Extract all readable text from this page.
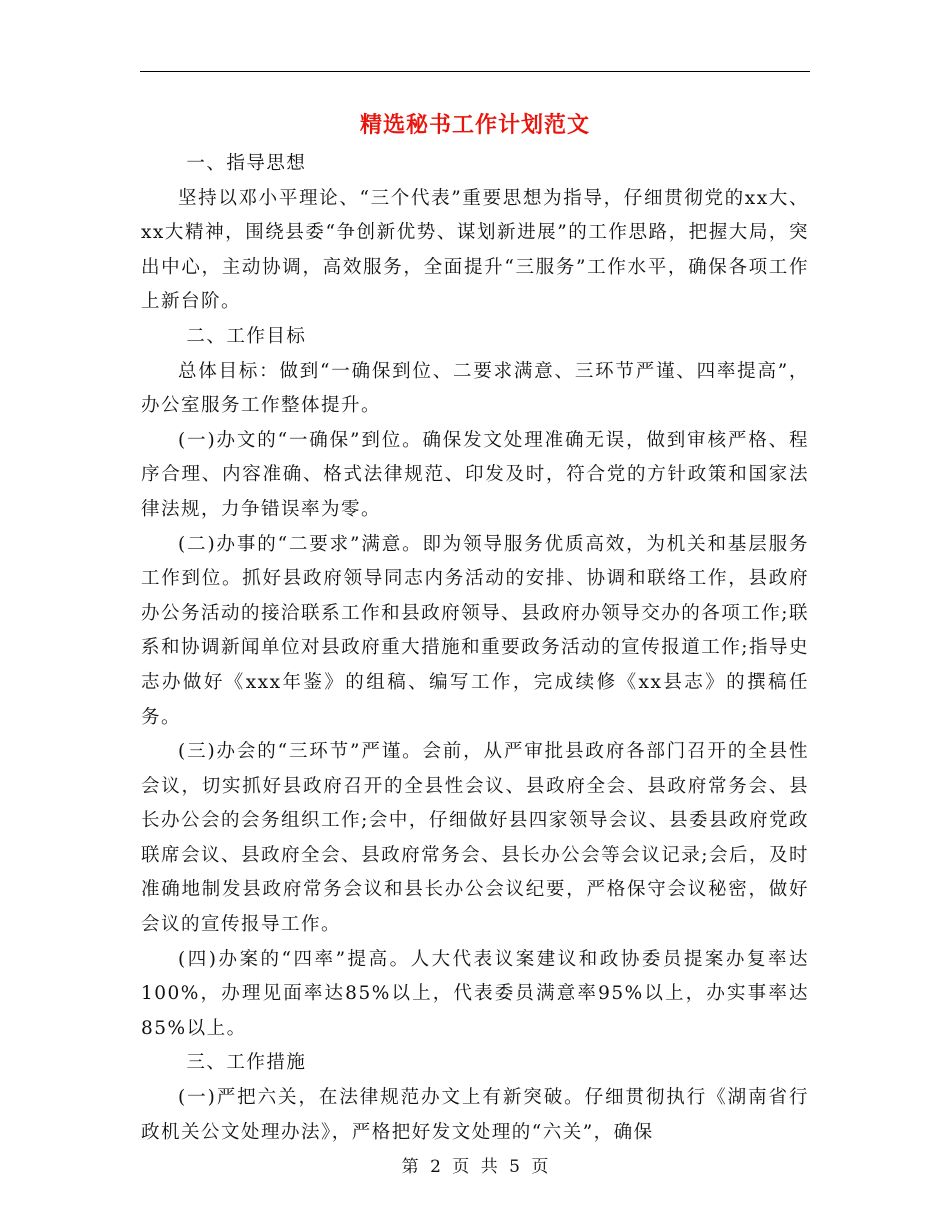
精选秘书工作计划范文

一、指导思想

坚持以邓小平理论、“三个代表”重要思想为指导，仔细贯彻党的xx大、xx大精神，围绕县委“争创新优势、谋划新进展”的工作思路，把握大局，突出中心，主动协调，高效服务，全面提升“三服务”工作水平，确保各项工作上新台阶。

二、工作目标

总体目标：做到“一确保到位、二要求满意、三环节严谨、四率提高”，办公室服务工作整体提升。

(一)办文的“一确保”到位。确保发文处理准确无误，做到审核严格、程序合理、内容准确、格式法律规范、印发及时，符合党的方针政策和国家法律法规，力争错误率为零。

(二)办事的“二要求”满意。即为领导服务优质高效，为机关和基层服务工作到位。抓好县政府领导同志内务活动的安排、协调和联络工作，县政府办公务活动的接洽联系工作和县政府领导、县政府办领导交办的各项工作;联系和协调新闻单位对县政府重大措施和重要政务活动的宣传报道工作;指导史志办做好《xxx年鉴》的组稿、编写工作，完成续修《xx县志》的撰稿任务。

(三)办会的“三环节”严谨。会前，从严审批县政府各部门召开的全县性会议，切实抓好县政府召开的全县性会议、县政府全会、县政府常务会、县长办公会的会务组织工作;会中，仔细做好县四家领导会议、县委县政府党政联席会议、县政府全会、县政府常务会、县长办公会等会议记录;会后，及时准确地制发县政府常务会议和县长办公会议纪要，严格保守会议秘密，做好会议的宣传报导工作。

(四)办案的“四率”提高。人大代表议案建议和政协委员提案办复率达100%，办理见面率达85%以上，代表委员满意率95%以上，办实事率达85%以上。

三、工作措施

(一)严把六关，在法律规范办文上有新突破。仔细贯彻执行《湖南省行政机关公文处理办法》，严格把好发文处理的“六关”，确保

第 2 页 共 5 页
